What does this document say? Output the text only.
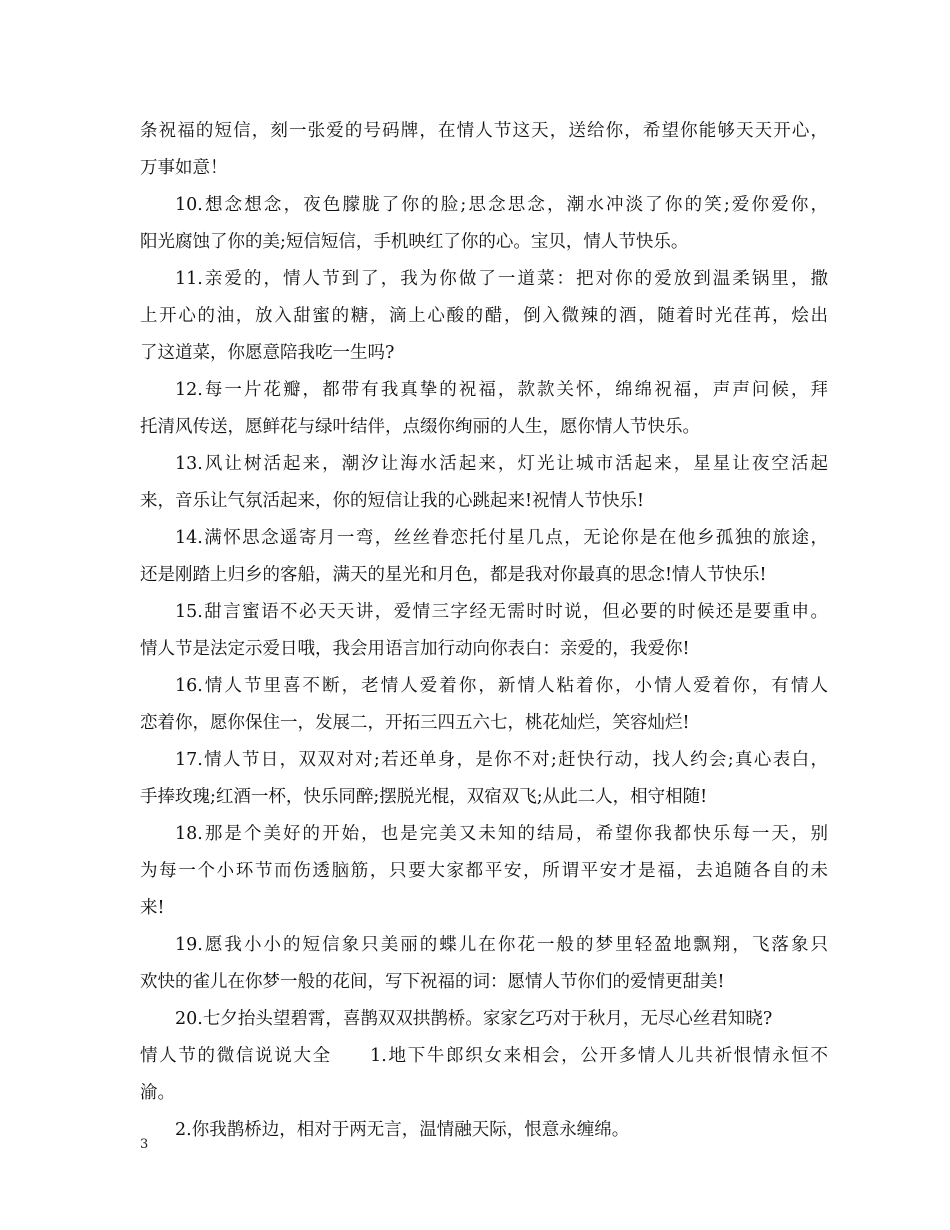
条祝福的短信，刻一张爱的号码牌，在情人节这天，送给你，希望你能够天天开心，
万事如意！
10.想念想念，夜色朦胧了你的脸;思念思念，潮水冲淡了你的笑;爱你爱你，
阳光腐蚀了你的美;短信短信，手机映红了你的心。宝贝，情人节快乐。
11.亲爱的，情人节到了，我为你做了一道菜：把对你的爱放到温柔锅里，撒
上开心的油，放入甜蜜的糖，滴上心酸的醋，倒入微辣的酒，随着时光荏苒，烩出
了这道菜，你愿意陪我吃一生吗?
12.每一片花瓣，都带有我真挚的祝福，款款关怀，绵绵祝福，声声问候，拜
托清风传送，愿鲜花与绿叶结伴，点缀你绚丽的人生，愿你情人节快乐。
13.风让树活起来，潮汐让海水活起来，灯光让城市活起来，星星让夜空活起
来，音乐让气氛活起来，你的短信让我的心跳起来!祝情人节快乐!
14.满怀思念遥寄月一弯，丝丝眷恋托付星几点，无论你是在他乡孤独的旅途，
还是刚踏上归乡的客船，满天的星光和月色，都是我对你最真的思念!情人节快乐!
15.甜言蜜语不必天天讲，爱情三字经无需时时说，但必要的时候还是要重申。
情人节是法定示爱日哦，我会用语言加行动向你表白：亲爱的，我爱你!
16.情人节里喜不断，老情人爱着你，新情人粘着你，小情人爱着你，有情人
恋着你，愿你保住一，发展二，开拓三四五六七，桃花灿烂，笑容灿烂!
17.情人节日，双双对对;若还单身，是你不对;赶快行动，找人约会;真心表白，
手捧玫瑰;红酒一杯，快乐同醉;摆脱光棍，双宿双飞;从此二人，相守相随!
18.那是个美好的开始，也是完美又未知的结局，希望你我都快乐每一天，别
为每一个小环节而伤透脑筋，只要大家都平安，所谓平安才是福，去追随各自的未
来!
19.愿我小小的短信象只美丽的蝶儿在你花一般的梦里轻盈地飘翔，飞落象只
欢快的雀儿在你梦一般的花间，写下祝福的词：愿情人节你们的爱情更甜美!
20.七夕抬头望碧霄，喜鹊双双拱鹊桥。家家乞巧对于秋月，无尽心丝君知晓?
情人节的微信说说大全　　1.地下牛郎织女来相会，公开多情人儿共祈恨情永恒不
渝。
2.你我鹊桥边，相对于两无言，温情融天际，恨意永缠绵。
3
